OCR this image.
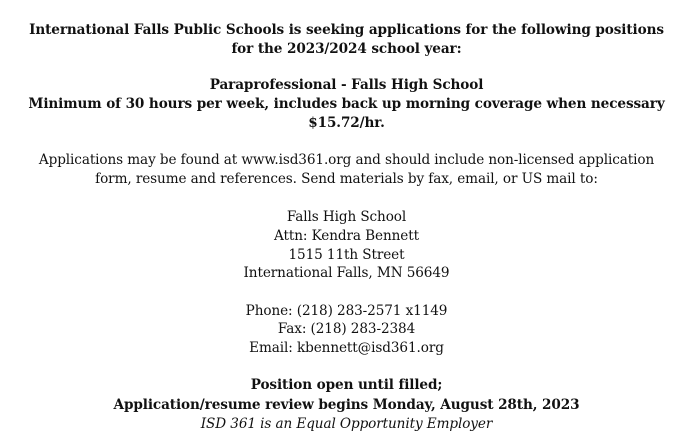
International Falls Public Schools is seeking applications for the following positions
for the 2023/2024 school year:
Paraprofessional - Falls High School
Minimum of 30 hours per week, includes back up morning coverage when necessary
$15.72/hr.
Applications may be found at www.isd361.org and should include non-licensed application
form, resume and references. Send materials by fax, email, or US mail to:
Falls High School
Attn: Kendra Bennett
1515 11th Street
International Falls, MN 56649
Phone: (218) 283-2571 x1149
Fax: (218) 283-2384
Email: kbennett@isd361.org
Position open until filled;
Application/resume review begins Monday, August 28th, 2023
ISD 361 is an Equal Opportunity Employer
